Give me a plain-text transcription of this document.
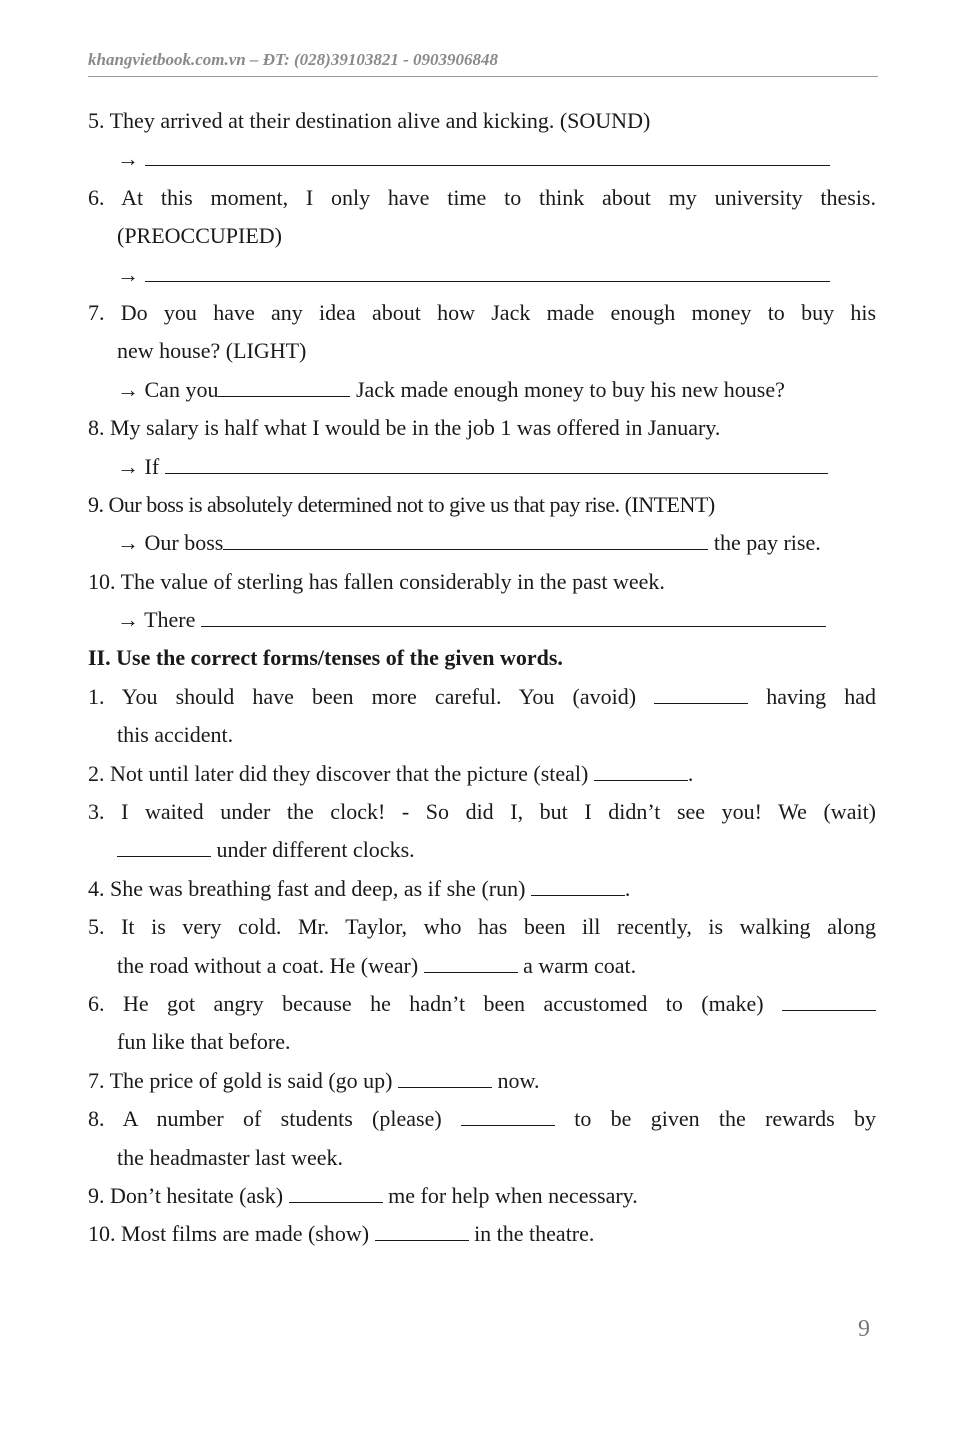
khangvietbook.com.vn – ĐT: (028)39103821 - 0903906848
5. They arrived at their destination alive and kicking. (SOUND)
→
6. At this moment, I only have time to think about my university thesis.
(PREOCCUPIED)
→
7. Do you have any idea about how Jack made enough money to buy his
new house? (LIGHT)
→ Can you	Jack made enough money to buy his new house?
8. My salary is half what I would be in the job 1 was offered in January.
→ If
9. Our boss is absolutely determined not to give us that pay rise. (INTENT)
→ Our boss	the pay rise.
10. The value of sterling has fallen considerably in the past week.
→ There
II. Use the correct forms/tenses of the given words.
1. You should have been more careful. You (avoid)	having had
this accident.
2. Not until later did they discover that the picture (steal)	.
3. I waited under the clock! - So did I, but I didn’t see you! We (wait)
under different clocks.
4. She was breathing fast and deep, as if she (run)	.
5. It is very cold. Mr. Taylor, who has been ill recently, is walking along
the road without a coat. He (wear)	a warm coat.
6. He got angry because he hadn’t been accustomed to (make)
fun like that before.
7. The price of gold is said (go up)	now.
8. A number of students (please)	to be given the rewards by
the headmaster last week.
9. Don’t hesitate (ask)	me for help when necessary.
10. Most films are made (show)	in the theatre.
9
